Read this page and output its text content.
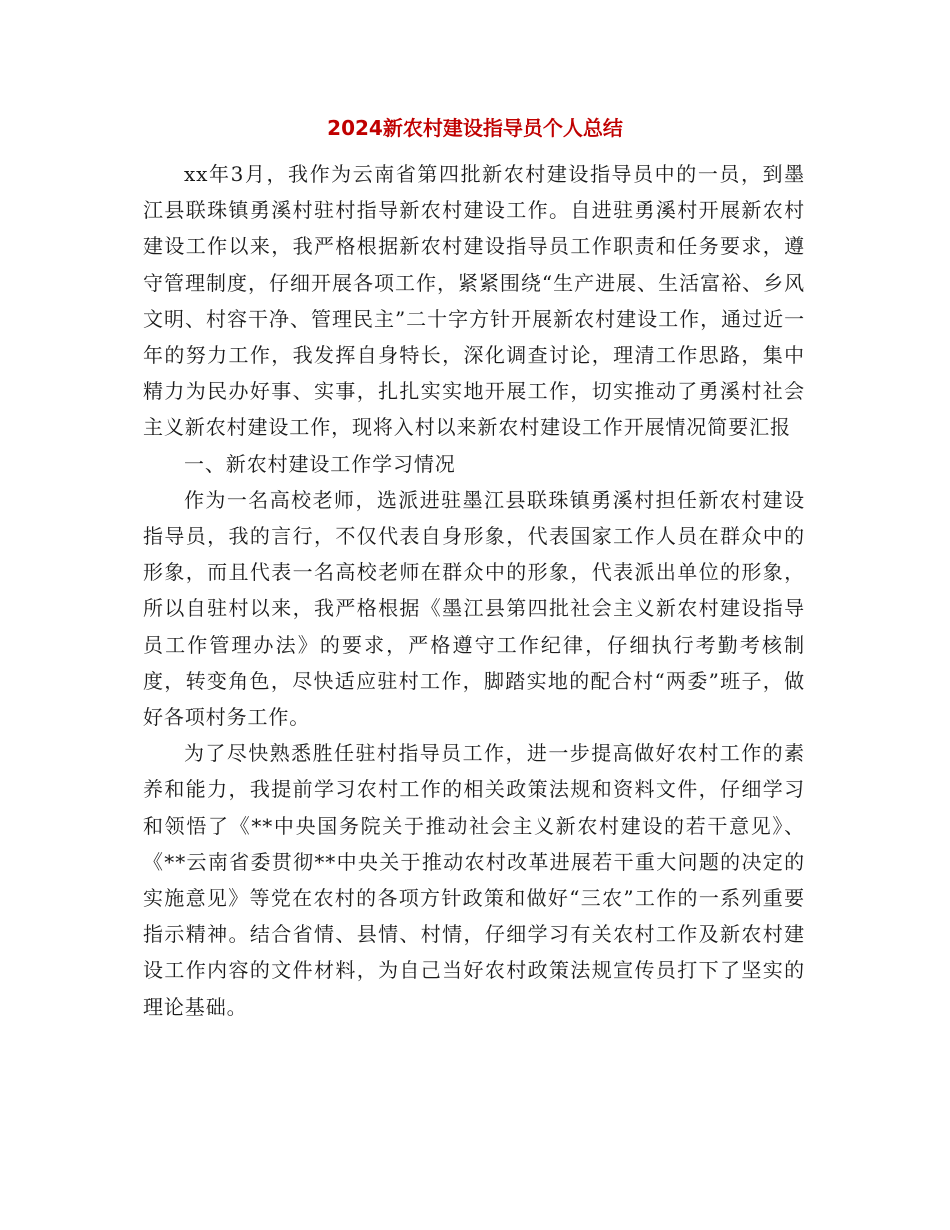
2024新农村建设指导员个人总结

xx年3月，我作为云南省第四批新农村建设指导员中的一员，到墨江县联珠镇勇溪村驻村指导新农村建设工作。自进驻勇溪村开展新农村建设工作以来，我严格根据新农村建设指导员工作职责和任务要求，遵守管理制度，仔细开展各项工作，紧紧围绕“生产进展、生活富裕、乡风文明、村容干净、管理民主”二十字方针开展新农村建设工作，通过近一年的努力工作，我发挥自身特长，深化调查讨论，理清工作思路，集中精力为民办好事、实事，扎扎实实地开展工作，切实推动了勇溪村社会主义新农村建设工作，现将入村以来新农村建设工作开展情况简要汇报

一、新农村建设工作学习情况

作为一名高校老师，选派进驻墨江县联珠镇勇溪村担任新农村建设指导员，我的言行，不仅代表自身形象，代表国家工作人员在群众中的形象，而且代表一名高校老师在群众中的形象，代表派出单位的形象，所以自驻村以来，我严格根据《墨江县第四批社会主义新农村建设指导员工作管理办法》的要求，严格遵守工作纪律，仔细执行考勤考核制度，转变角色，尽快适应驻村工作，脚踏实地的配合村“两委”班子，做好各项村务工作。

为了尽快熟悉胜任驻村指导员工作，进一步提高做好农村工作的素养和能力，我提前学习农村工作的相关政策法规和资料文件，仔细学习和领悟了《**中央国务院关于推动社会主义新农村建设的若干意见》、《**云南省委贯彻**中央关于推动农村改革进展若干重大问题的决定的实施意见》等党在农村的各项方针政策和做好“三农”工作的一系列重要指示精神。结合省情、县情、村情，仔细学习有关农村工作及新农村建设工作内容的文件材料，为自己当好农村政策法规宣传员打下了坚实的理论基础。
